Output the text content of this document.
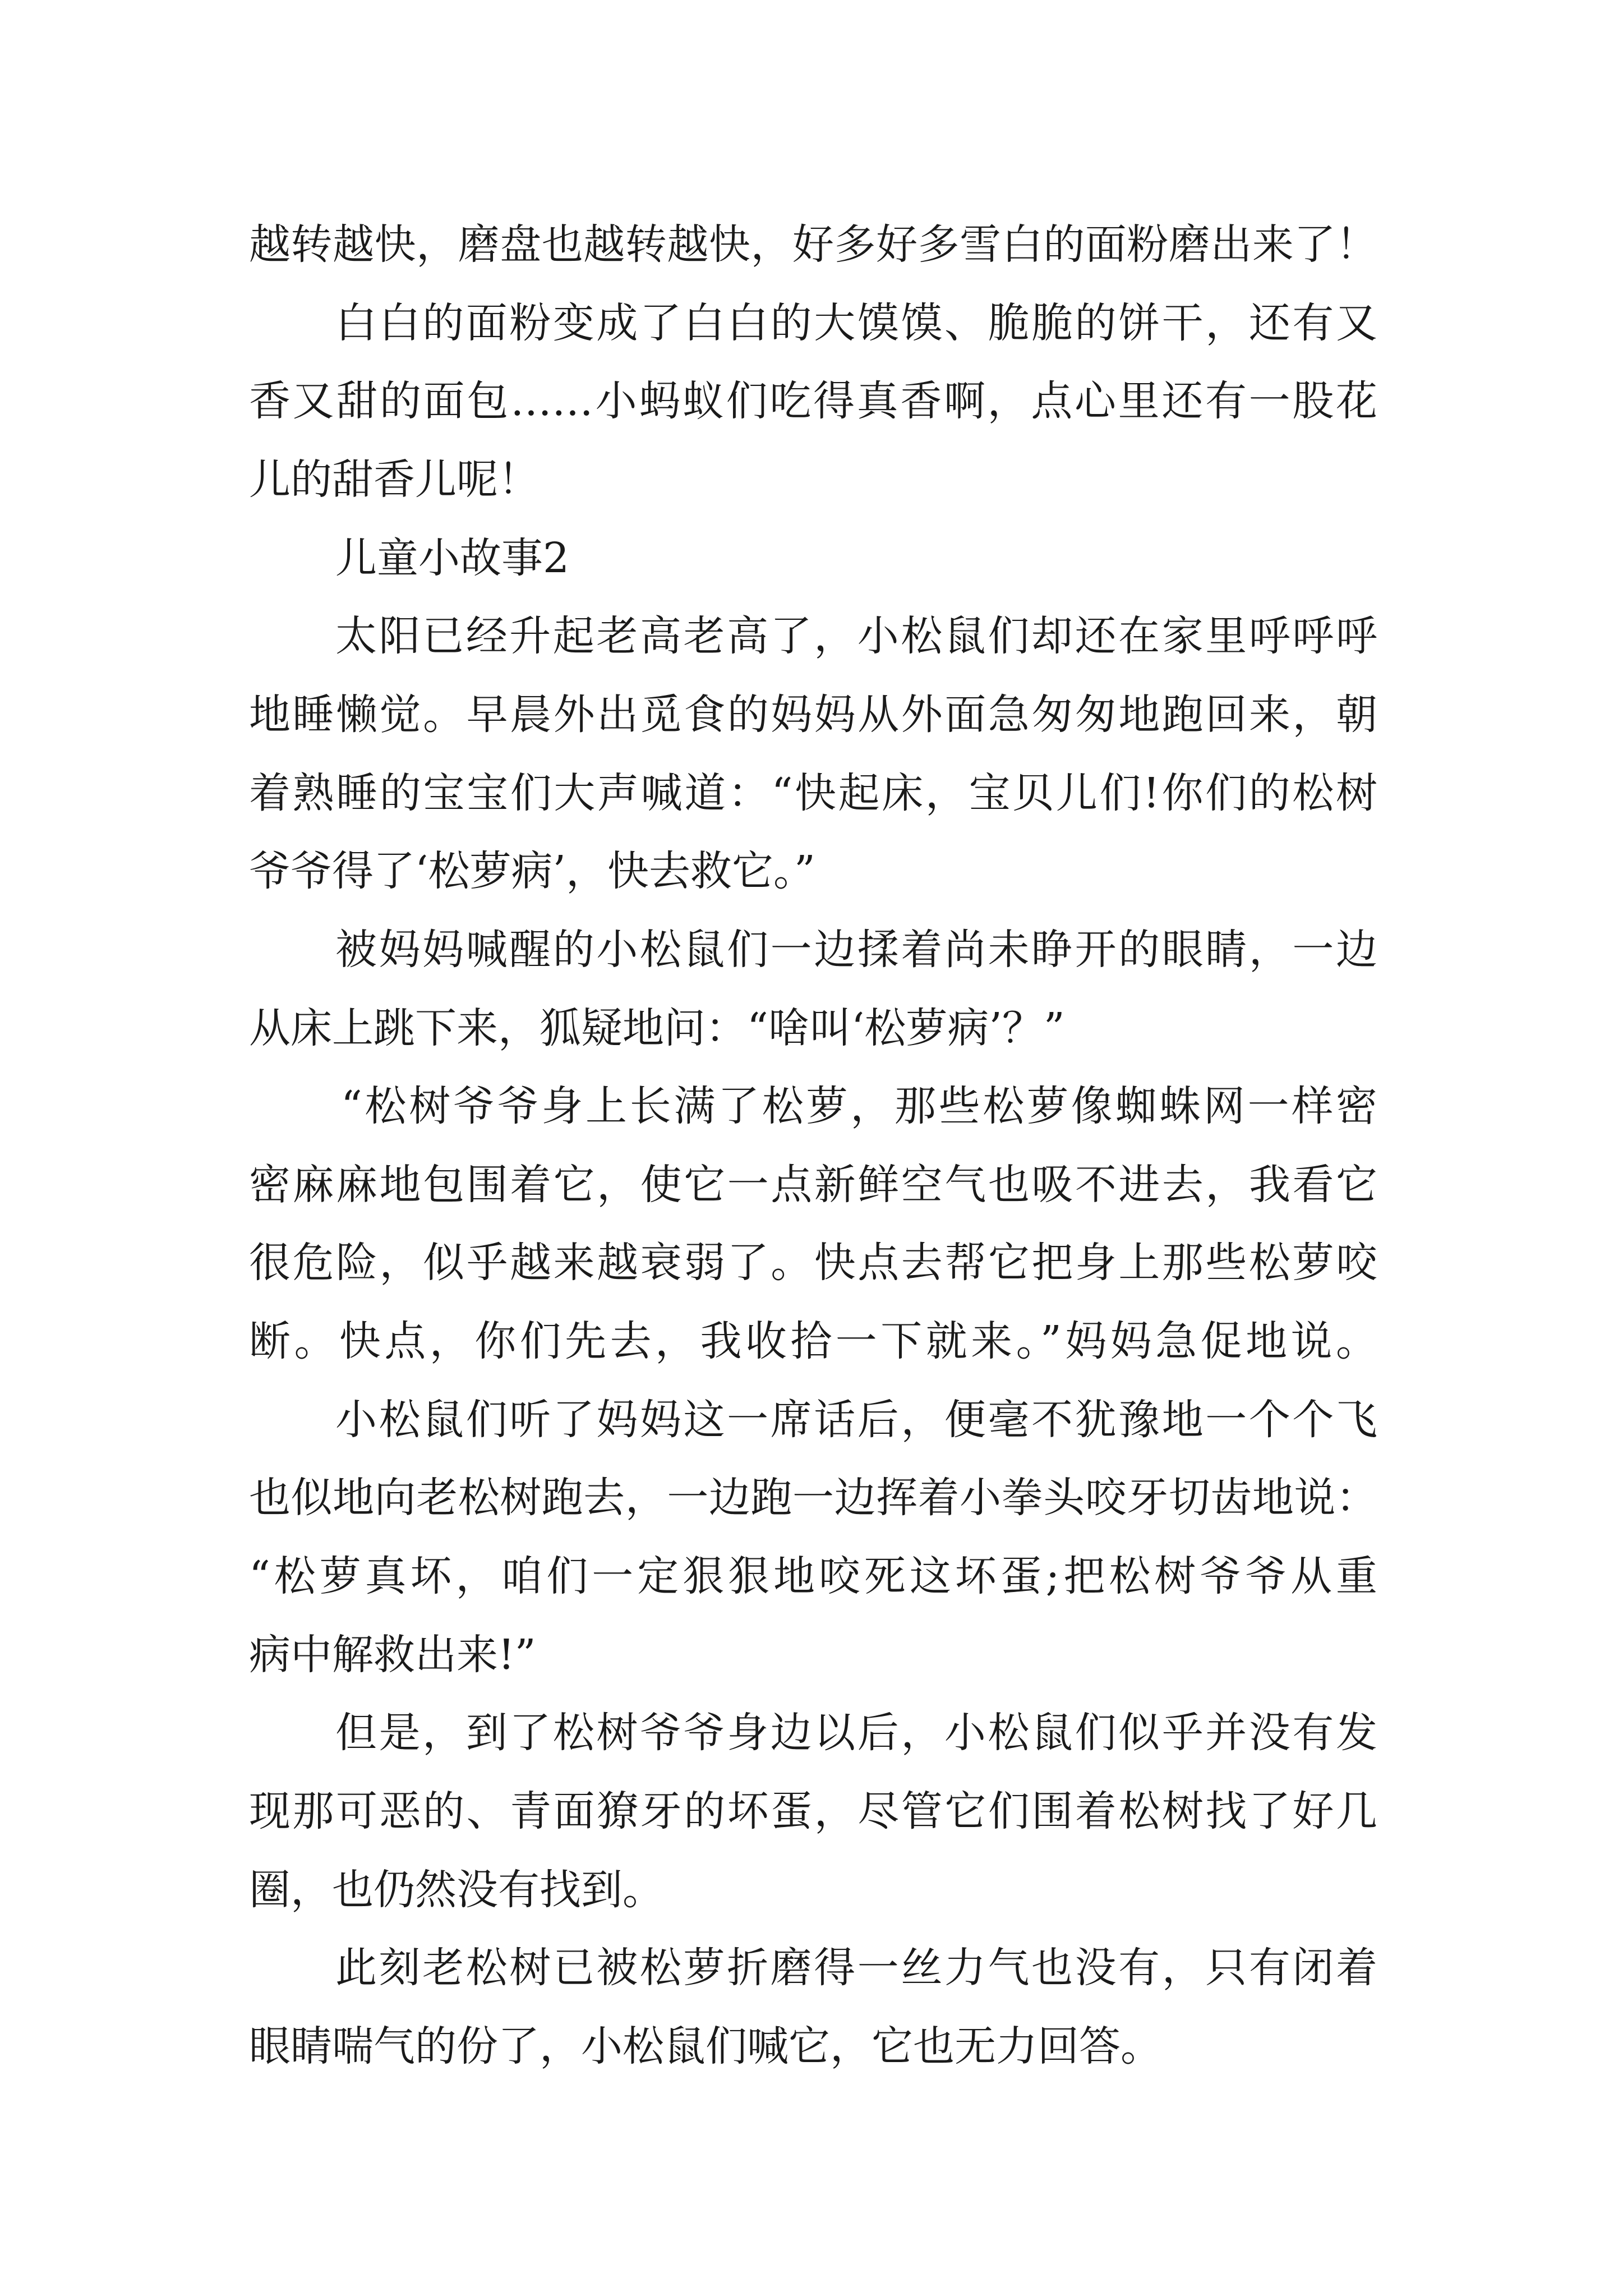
越转越快，磨盘也越转越快，好多好多雪白的面粉磨出来了！
白白的面粉变成了白白的大馍馍、脆脆的饼干，还有又
香又甜的面包……小蚂蚁们吃得真香啊，点心里还有一股花
儿的甜香儿呢！
儿童小故事2
太阳已经升起老高老高了，小松鼠们却还在家里呼呼呼
地睡懒觉。早晨外出觅食的妈妈从外面急匆匆地跑回来，朝
着熟睡的宝宝们大声喊道：“快起床，宝贝儿们!你们的松树
爷爷得了‘松萝病’，快去救它。”
被妈妈喊醒的小松鼠们一边揉着尚未睁开的眼睛，一边
从床上跳下来，狐疑地问：“啥叫‘松萝病’？”
“松树爷爷身上长满了松萝，那些松萝像蜘蛛网一样密
密麻麻地包围着它，使它一点新鲜空气也吸不进去，我看它
很危险，似乎越来越衰弱了。快点去帮它把身上那些松萝咬
断。快点，你们先去，我收拾一下就来。”妈妈急促地说。
小松鼠们听了妈妈这一席话后，便毫不犹豫地一个个飞
也似地向老松树跑去，一边跑一边挥着小拳头咬牙切齿地说：
“松萝真坏，咱们一定狠狠地咬死这坏蛋;把松树爷爷从重
病中解救出来!”
但是，到了松树爷爷身边以后，小松鼠们似乎并没有发
现那可恶的、青面獠牙的坏蛋，尽管它们围着松树找了好几
圈，也仍然没有找到。
此刻老松树已被松萝折磨得一丝力气也没有，只有闭着
眼睛喘气的份了，小松鼠们喊它，它也无力回答。
